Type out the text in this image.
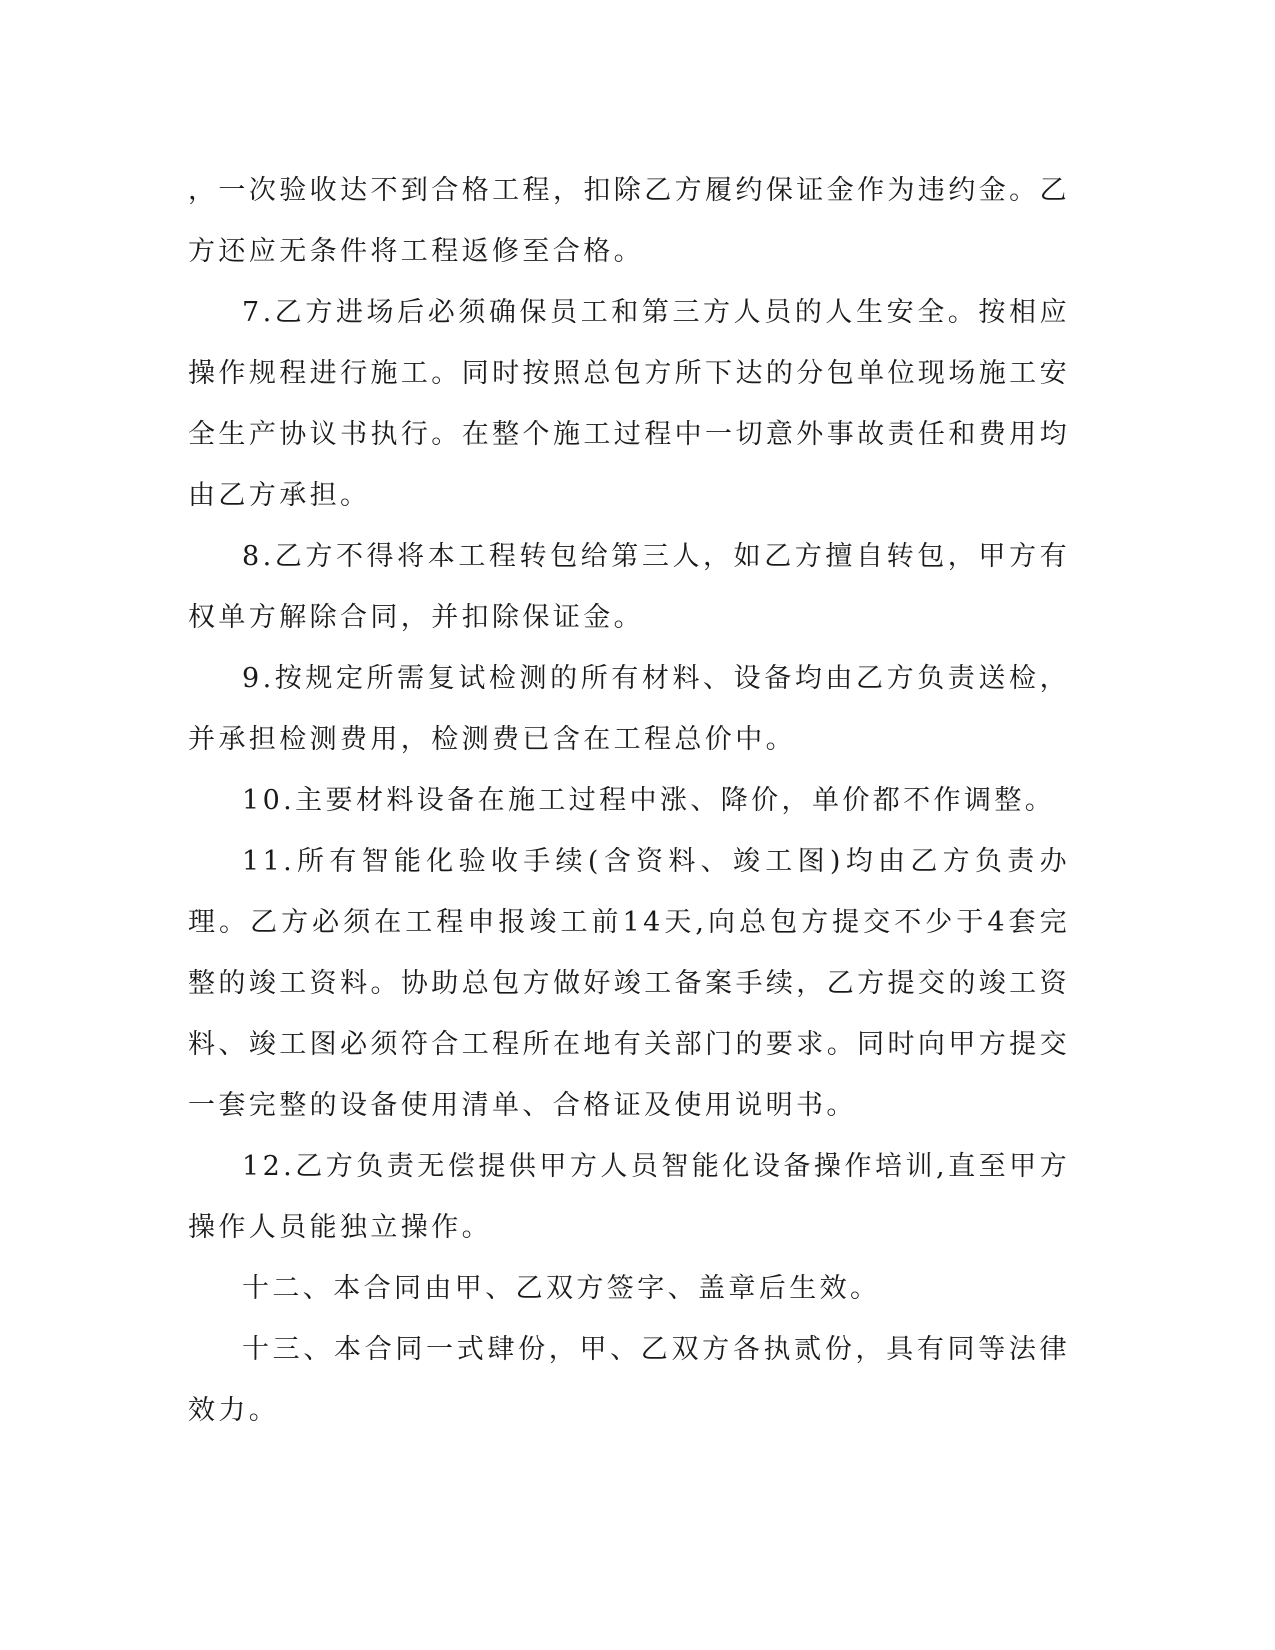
，一次验收达不到合格工程，扣除乙方履约保证金作为违约金。乙方还应无条件将工程返修至合格。

7.乙方进场后必须确保员工和第三方人员的人生安全。按相应操作规程进行施工。同时按照总包方所下达的分包单位现场施工安全生产协议书执行。在整个施工过程中一切意外事故责任和费用均由乙方承担。

8.乙方不得将本工程转包给第三人，如乙方擅自转包，甲方有权单方解除合同，并扣除保证金。

9.按规定所需复试检测的所有材料、设备均由乙方负责送检，并承担检测费用，检测费已含在工程总价中。

10.主要材料设备在施工过程中涨、降价，单价都不作调整。

11.所有智能化验收手续(含资料、竣工图)均由乙方负责办理。乙方必须在工程申报竣工前14天,向总包方提交不少于4套完整的竣工资料。协助总包方做好竣工备案手续，乙方提交的竣工资料、竣工图必须符合工程所在地有关部门的要求。同时向甲方提交一套完整的设备使用清单、合格证及使用说明书。

12.乙方负责无偿提供甲方人员智能化设备操作培训,直至甲方操作人员能独立操作。

十二、本合同由甲、乙双方签字、盖章后生效。

十三、本合同一式肆份，甲、乙双方各执贰份，具有同等法律效力。
